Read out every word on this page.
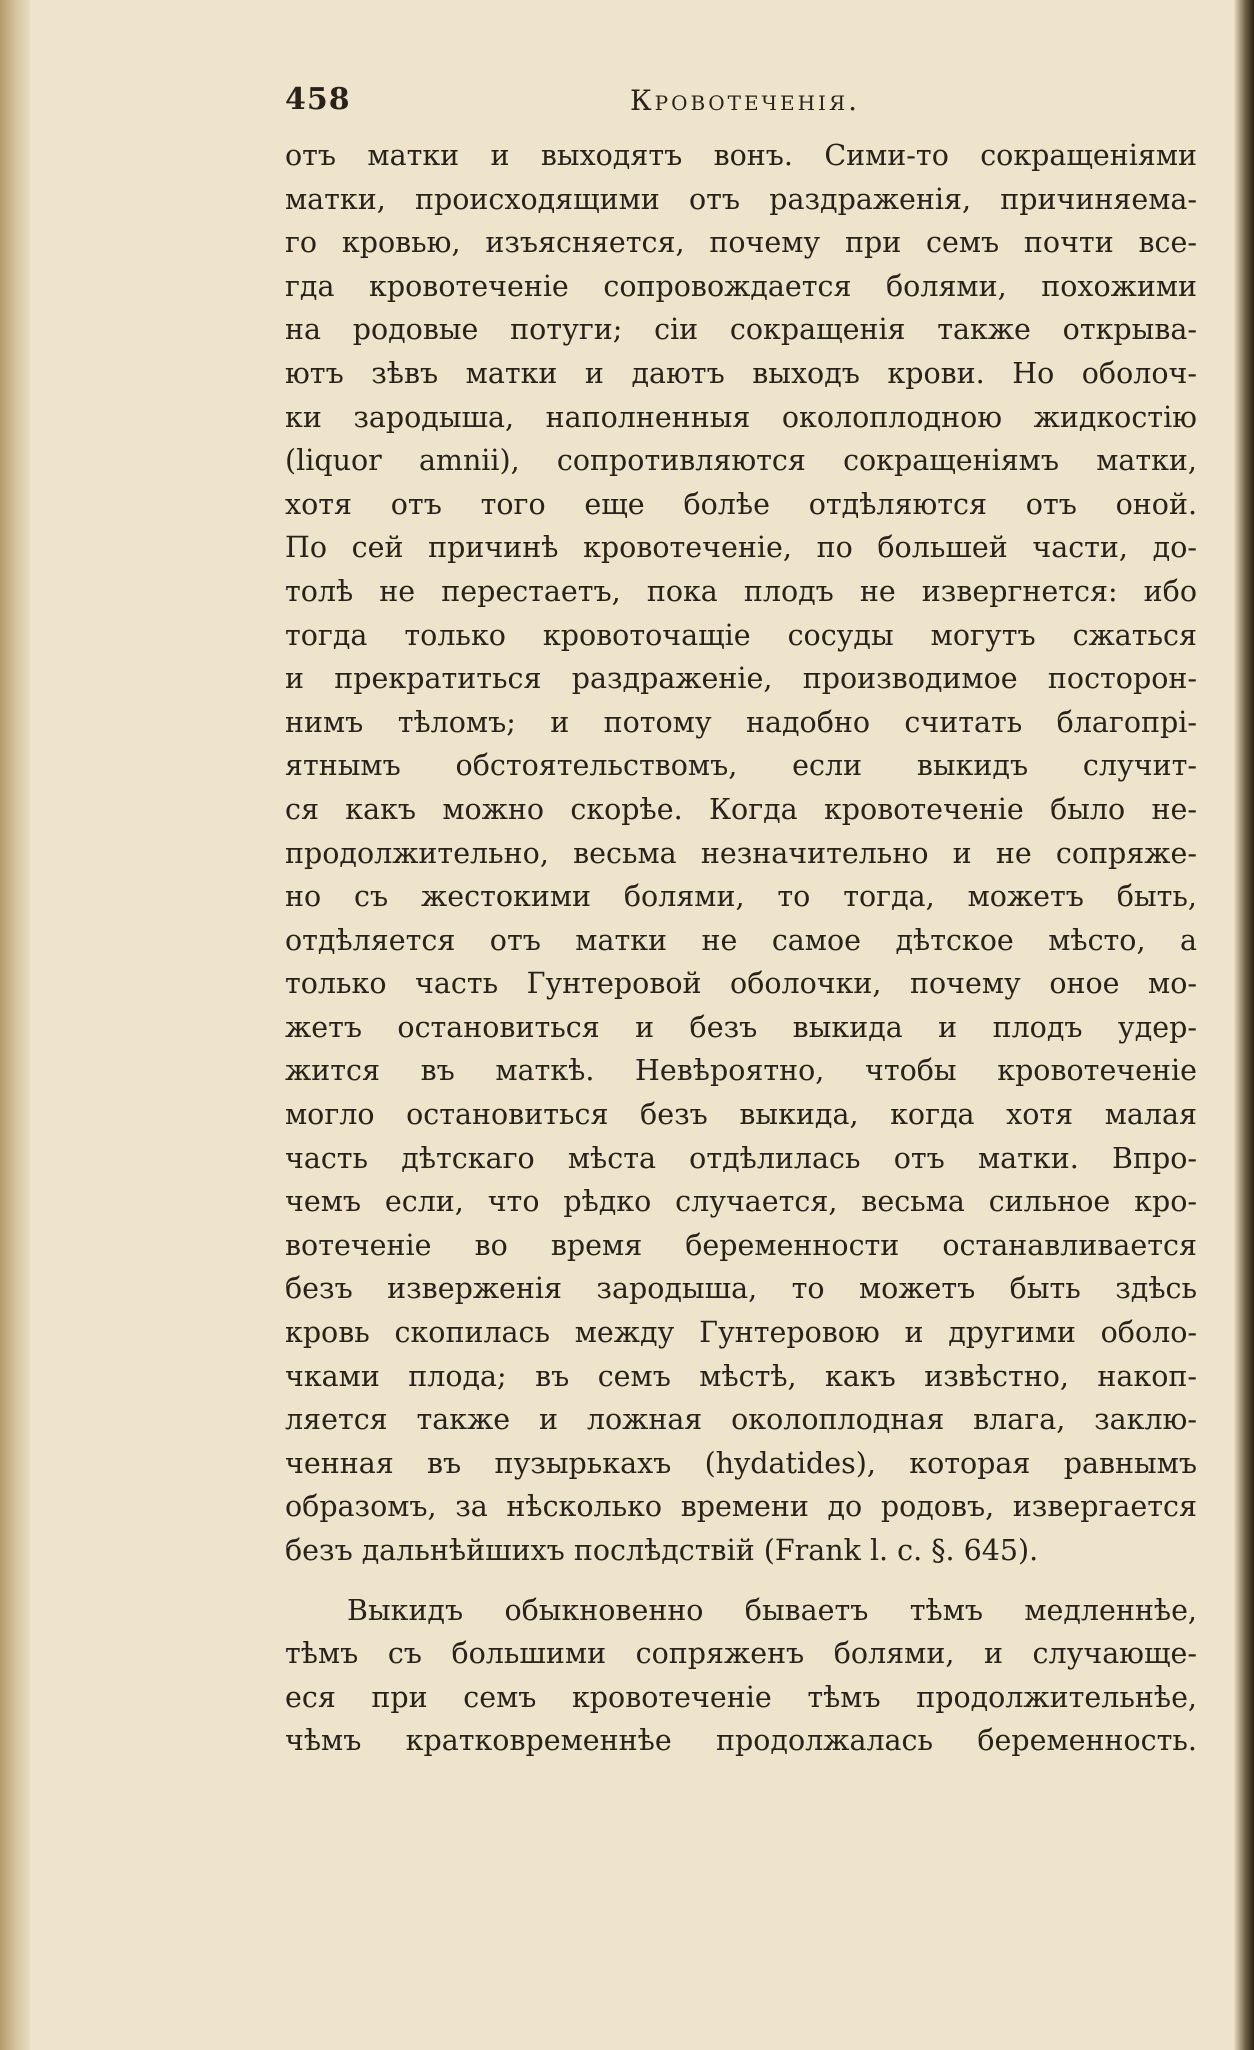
458	Кровотеченія.
отъ матки и выходятъ вонъ. Сими-то сокращеніями
матки, происходящими отъ раздраженія, причиняема-
го кровью, изъясняется, почему при семъ почти все-
гда кровотеченіе сопровождается болями, похожими
на родовые потуги; сіи сокращенія также открыва-
ютъ зѣвъ матки и даютъ выходъ крови. Но оболоч-
ки зародыша, наполненныя околоплодною жидкостію
(liquor amnii), сопротивляются сокращеніямъ матки,
хотя отъ того еще болѣе отдѣляются отъ оной.
По сей причинѣ кровотеченіе, по большей части, до-
толѣ не перестаетъ, пока плодъ не извергнется: ибо
тогда только кровоточащіе сосуды могутъ сжаться
и прекратиться раздраженіе, производимое посторон-
нимъ тѣломъ; и потому надобно считать благопрі-
ятнымъ обстоятельствомъ, если выкидъ случит-
ся какъ можно скорѣе. Когда кровотеченіе было не-
продолжительно, весьма незначительно и не сопряже-
но съ жестокими болями, то тогда, можетъ быть,
отдѣляется отъ матки не самое дѣтское мѣсто, а
только часть Гунтеровой оболочки, почему оное мо-
жетъ остановиться и безъ выкида и плодъ удер-
жится въ маткѣ. Невѣроятно, чтобы кровотеченіе
могло остановиться безъ выкида, когда хотя малая
часть дѣтскаго мѣста отдѣлилась отъ матки. Впро-
чемъ если, что рѣдко случается, весьма сильное кро-
вотеченіе во время беременности останавливается
безъ изверженія зародыша, то можетъ быть здѣсь
кровь скопилась между Гунтеровою и другими оболо-
чками плода; въ семъ мѣстѣ, какъ извѣстно, накоп-
ляется также и ложная околоплодная влага, заклю-
ченная въ пузырькахъ (hydatides), которая равнымъ
образомъ, за нѣсколько времени до родовъ, извергается
безъ дальнѣйшихъ послѣдствій (Frank l. c. §. 645).
Выкидъ обыкновенно бываетъ тѣмъ медленнѣе,
тѣмъ съ большими сопряженъ болями, и случающе-
еся при семъ кровотеченіе тѣмъ продолжительнѣе,
чѣмъ кратковременнѣе продолжалась беременность.
